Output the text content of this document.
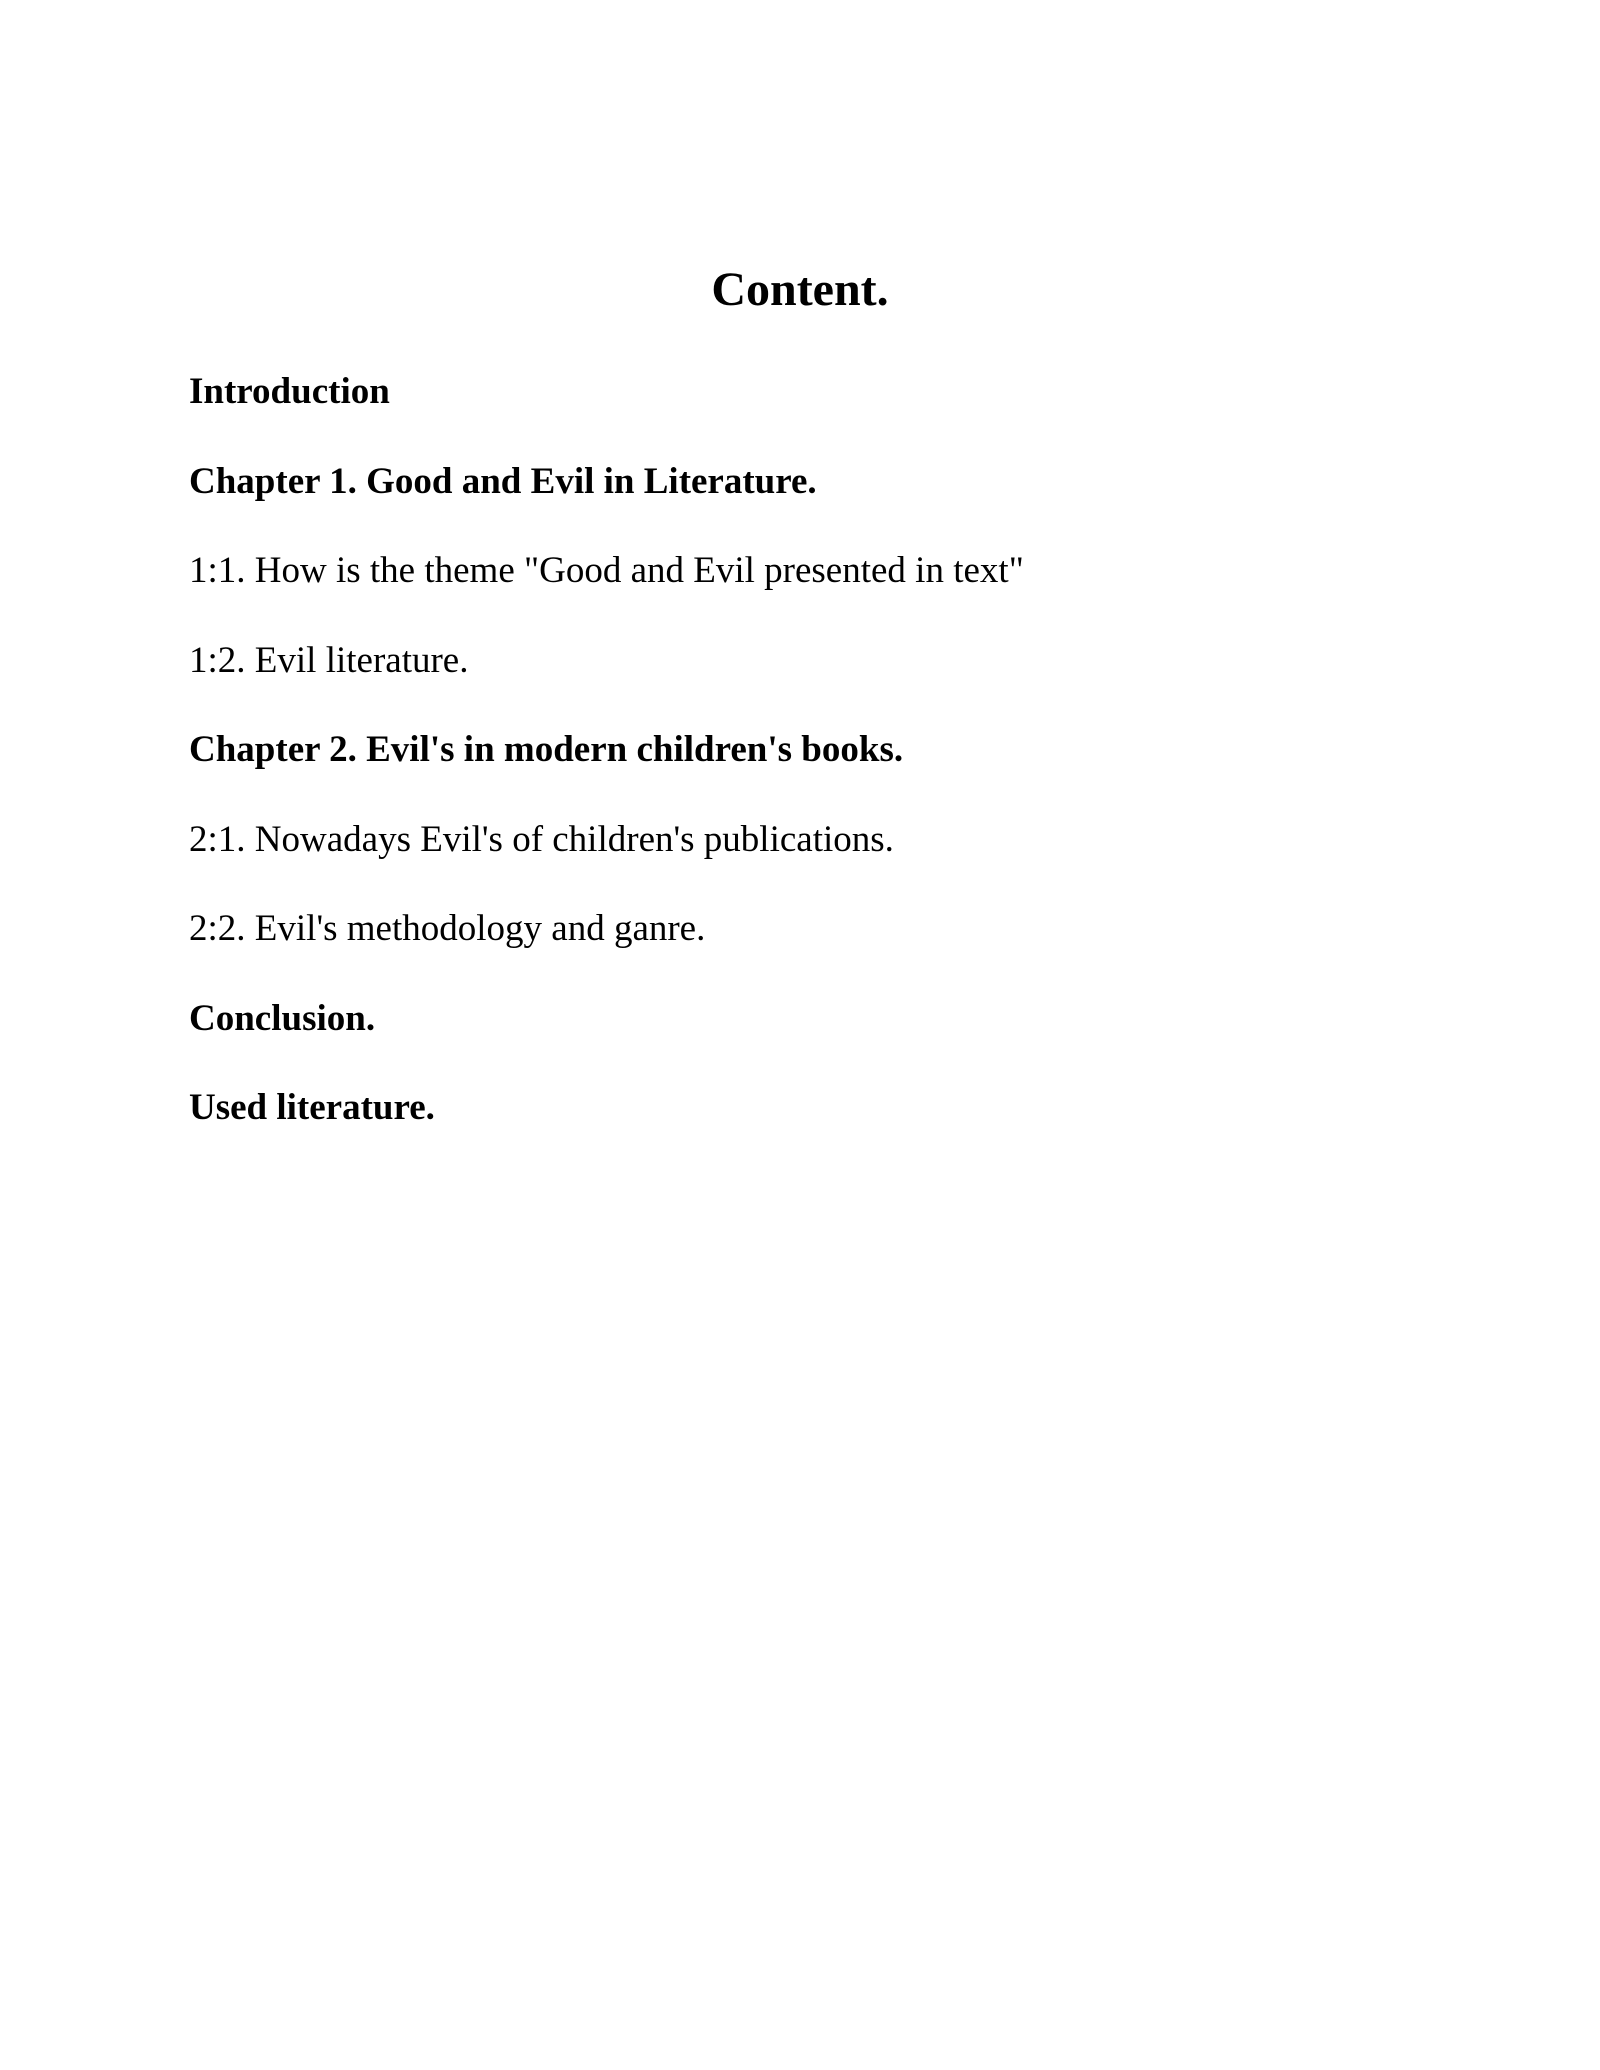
Content.
Introduction
Chapter 1. Good and Evil in Literature.
1:1. How is the theme "Good and Evil presented in text"
1:2. Evil literature.
Chapter 2. Evil's in modern children's books.
2:1. Nowadays Evil's of children's publications.
2:2. Evil's methodology and ganre.
Conclusion.
Used literature.
